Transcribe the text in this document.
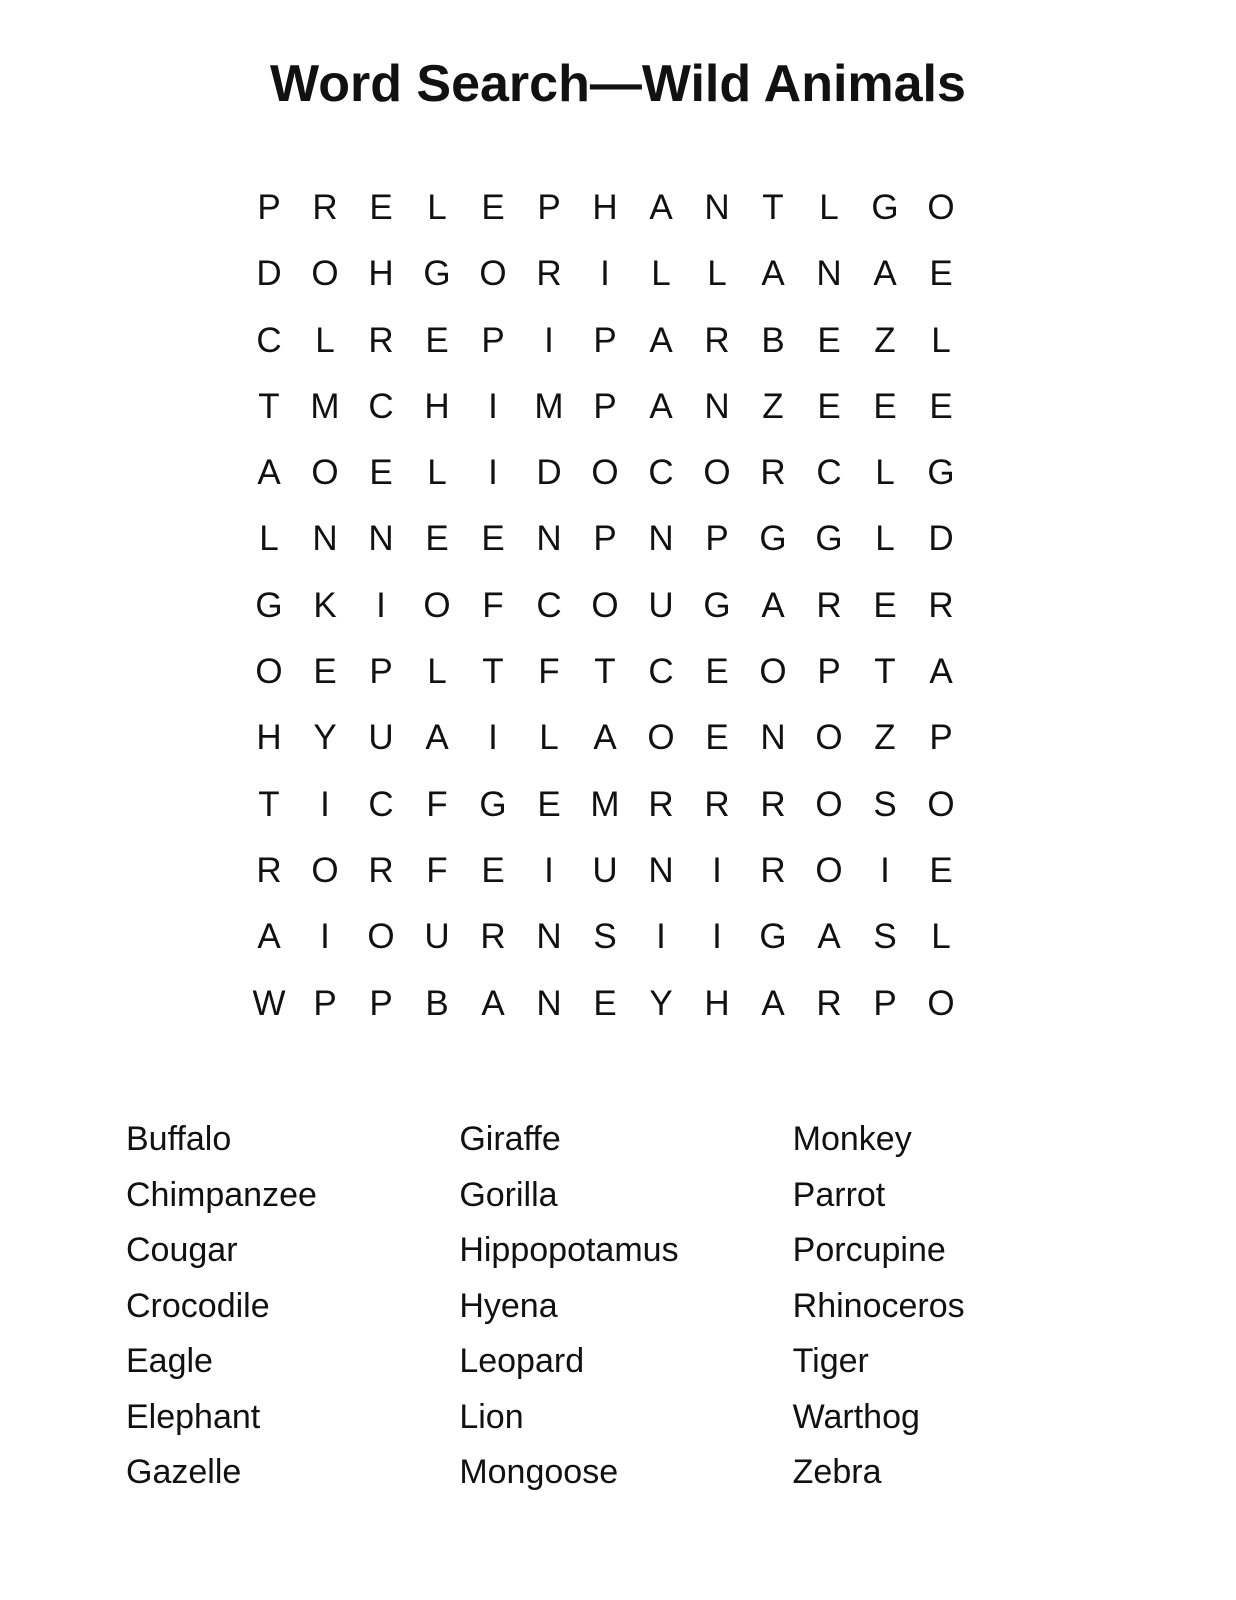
Word Search—Wild Animals
P R E L E P H A N T	L G O
D O H G O R	I	L	L A N A E
C L R E P	I	P A R B E Z	L
T M C H	I	M P A N Z E E E
A O E L	I	D O C O R C L G
L N N E E N P N P G G L D
G K	I	O F C O U G A R E R
O E P L	T F T C E O P T A
H Y U A	I	L A O E N O Z P
T	I	C F G E M R R R O S O
R O R F E	I	U N	I	R O	I	E
A	I	O U R N S	I	I	G A S L
W P P B A N E Y H A R P O
Buffalo
Chimpanzee
Cougar
Crocodile
Eagle
Elephant
Gazelle
Giraffe
Gorilla
Hippopotamus
Hyena
Leopard
Lion
Mongoose
Monkey
Parrot
Porcupine
Rhinoceros
Tiger
Warthog
Zebra
